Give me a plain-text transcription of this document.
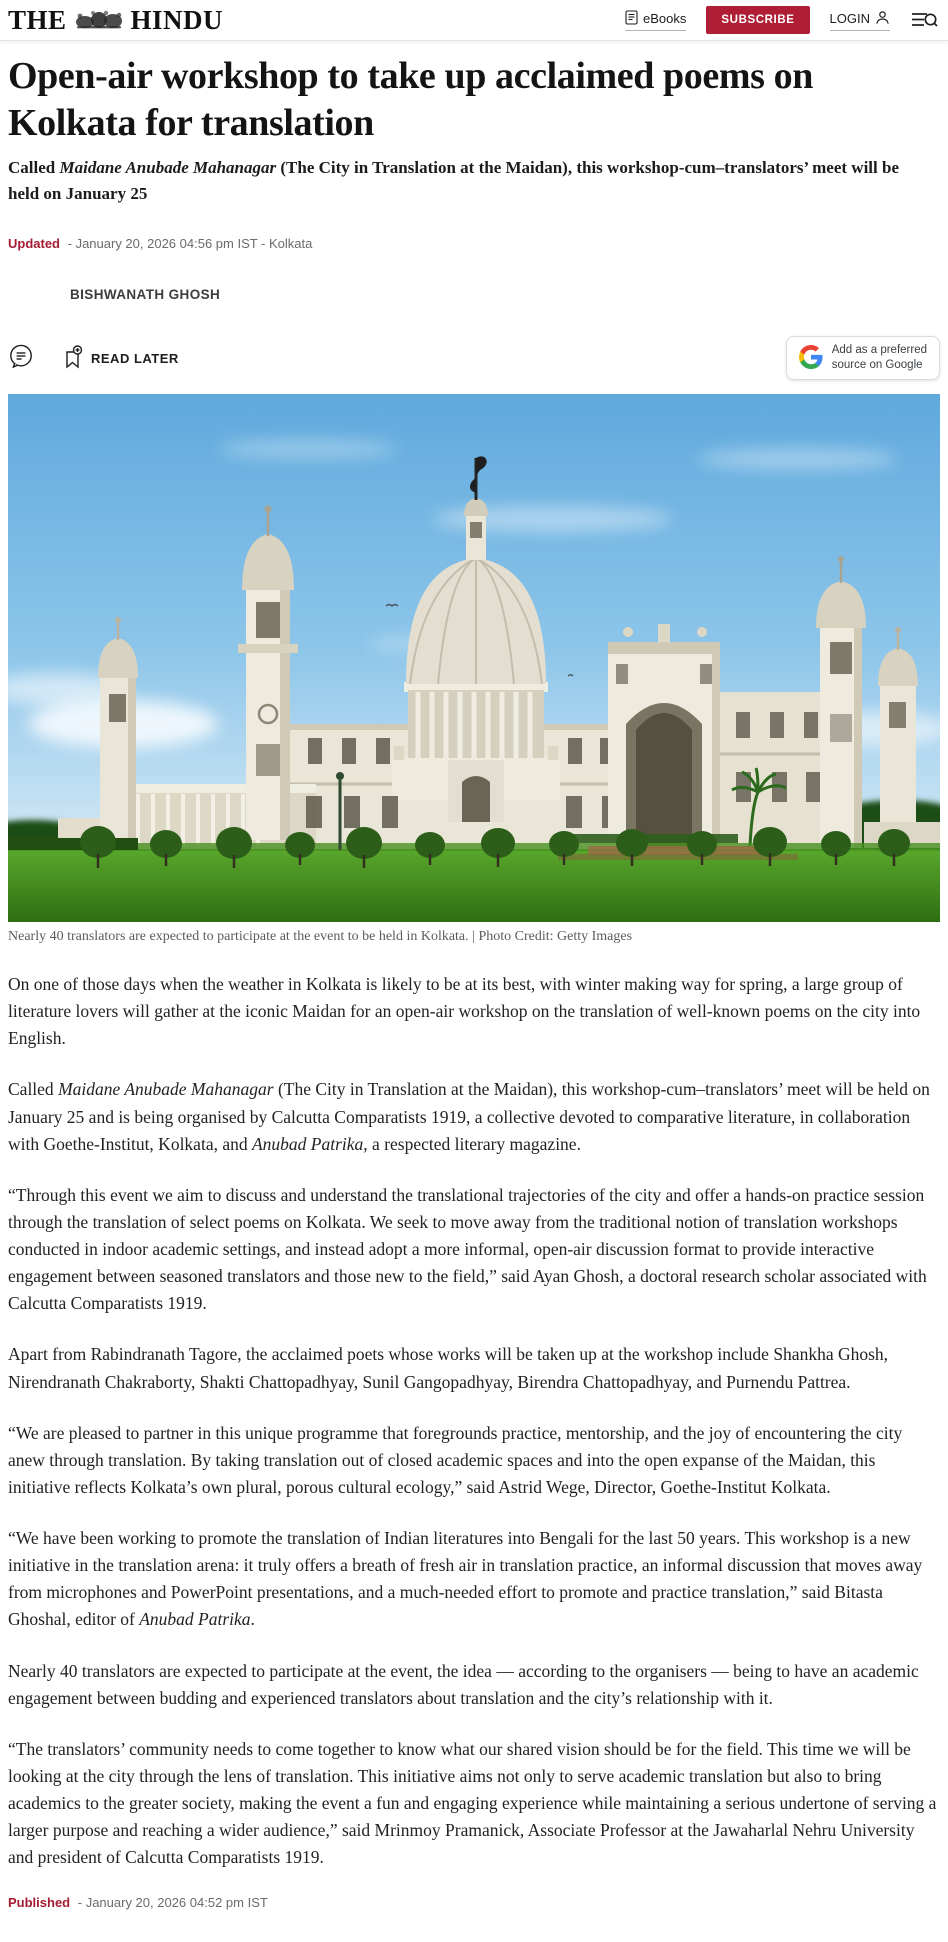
THE HINDU	eBooks	SUBSCRIBE	LOGIN
Open-air workshop to take up acclaimed poems on Kolkata for translation
Called Maidane Anubade Mahanagar (The City in Translation at the Maidan), this workshop-cum–translators’ meet will be held on January 25
Updated - January 20, 2026 04:56 pm IST - Kolkata
BISHWANATH GHOSH
READ LATER
Add as a preferred
source on Google
Nearly 40 translators are expected to participate at the event to be held in Kolkata. | Photo Credit: Getty Images

On one of those days when the weather in Kolkata is likely to be at its best, with winter making way for spring, a large group of literature lovers will gather at the iconic Maidan for an open-air workshop on the translation of well-known poems on the city into English.

Called Maidane Anubade Mahanagar (The City in Translation at the Maidan), this workshop-cum–translators’ meet will be held on January 25 and is being organised by Calcutta Comparatists 1919, a collective devoted to comparative literature, in collaboration with Goethe-Institut, Kolkata, and Anubad Patrika, a respected literary magazine.

“Through this event we aim to discuss and understand the translational trajectories of the city and offer a hands-on practice session through the translation of select poems on Kolkata. We seek to move away from the traditional notion of translation workshops conducted in indoor academic settings, and instead adopt a more informal, open-air discussion format to provide interactive engagement between seasoned translators and those new to the field,” said Ayan Ghosh, a doctoral research scholar associated with Calcutta Comparatists 1919.

Apart from Rabindranath Tagore, the acclaimed poets whose works will be taken up at the workshop include Shankha Ghosh, Nirendranath Chakraborty, Shakti Chattopadhyay, Sunil Gangopadhyay, Birendra Chattopadhyay, and Purnendu Pattrea.

“We are pleased to partner in this unique programme that foregrounds practice, mentorship, and the joy of encountering the city anew through translation. By taking translation out of closed academic spaces and into the open expanse of the Maidan, this initiative reflects Kolkata’s own plural, porous cultural ecology,” said Astrid Wege, Director, Goethe-Institut Kolkata.

“We have been working to promote the translation of Indian literatures into Bengali for the last 50 years. This workshop is a new initiative in the translation arena: it truly offers a breath of fresh air in translation practice, an informal discussion that moves away from microphones and PowerPoint presentations, and a much-needed effort to promote and practice translation,” said Bitasta Ghoshal, editor of Anubad Patrika.

Nearly 40 translators are expected to participate at the event, the idea — according to the organisers — being to have an academic engagement between budding and experienced translators about translation and the city’s relationship with it.

“The translators’ community needs to come together to know what our shared vision should be for the field. This time we will be looking at the city through the lens of translation. This initiative aims not only to serve academic translation but also to bring academics to the greater society, making the event a fun and engaging experience while maintaining a serious undertone of serving a larger purpose and reaching a wider audience,” said Mrinmoy Pramanick, Associate Professor at the Jawaharlal Nehru University and president of Calcutta Comparatists 1919.

Published - January 20, 2026 04:52 pm IST
